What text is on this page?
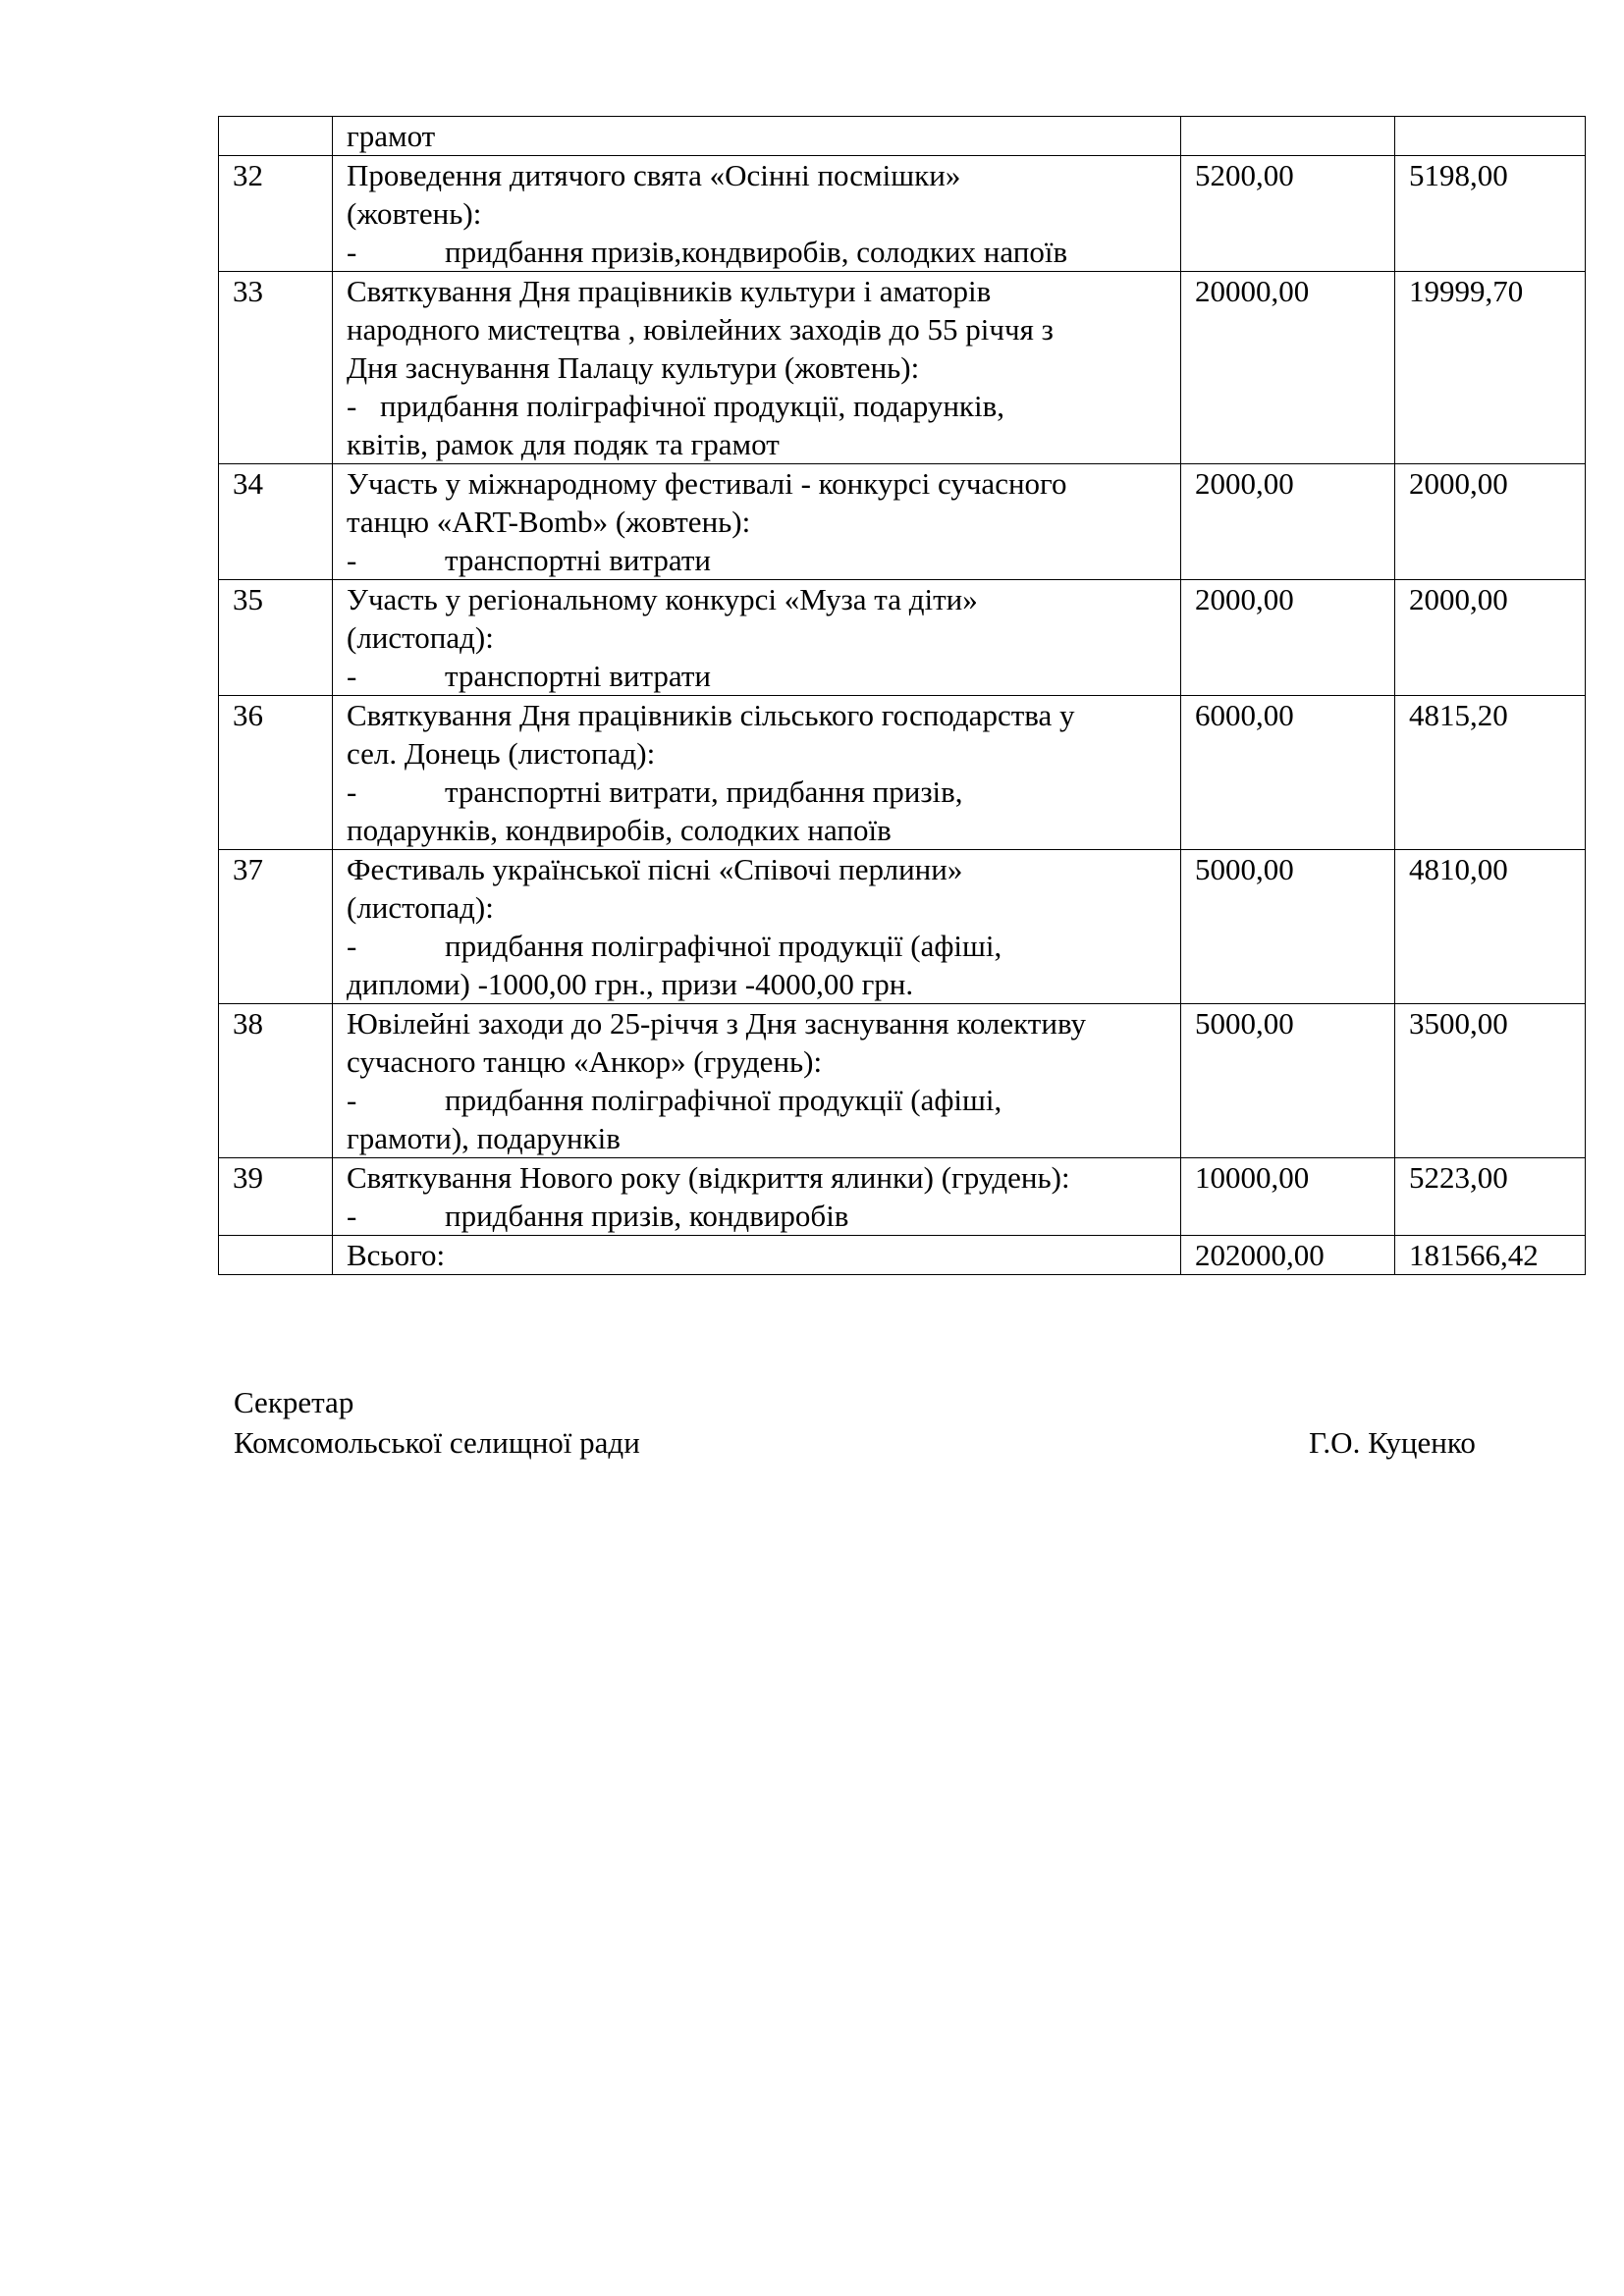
	грамот		

32	Проведення дитячого свята «Осінні посмішки»
(жовтень):
- придбання призів,кондвиробів, солодких напоїв	5200,00	5198,00
33	Святкування Дня працівників культури і аматорів
народного мистецтва , ювілейних заходів до 55 річчя з
Дня заснування Палацу культури (жовтень):
- придбання поліграфічної продукції, подарунків,
квітів, рамок для подяк та грамот	20000,00	19999,70
34	Участь у міжнародному фестивалі - конкурсі сучасного
танцю «ART-Bomb» (жовтень):
- транспортні витрати	2000,00	2000,00
35	Участь у регіональному конкурсі «Муза та діти»
(листопад):
- транспортні витрати	2000,00	2000,00
36	Святкування Дня працівників сільського господарства у
сел. Донець (листопад):
- транспортні витрати, придбання призів,
подарунків, кондвиробів, солодких напоїв	6000,00	4815,20
37	Фестиваль української пісні «Співочі перлини»
(листопад):
- придбання поліграфічної продукції (афіші,
дипломи) -1000,00 грн., призи -4000,00 грн.	5000,00	4810,00
38	Ювілейні заходи до 25-річчя з Дня заснування колективу
сучасного танцю «Анкор» (грудень):
- придбання поліграфічної продукції (афіші,
грамоти), подарунків	5000,00	3500,00
39	Святкування Нового року (відкриття ялинки) (грудень):
- придбання призів, кондвиробів	10000,00	5223,00
	Всього:	202000,00	181566,42
Секретар
Комсомольської селищної ради	Г.О. Куценко
